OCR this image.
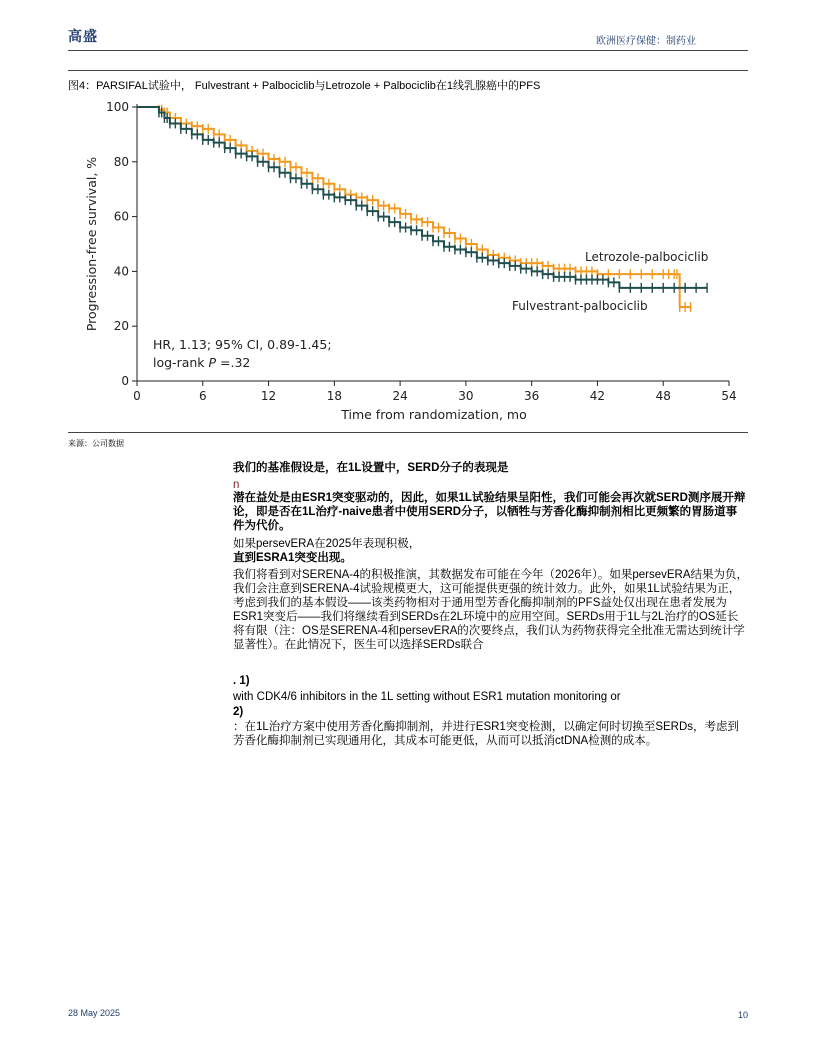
高盛	欧洲医疗保健：制药业
图4：PARSIFAL试验中， Fulvestrant + Palbociclib与Letrozole + Palbociclib在1线乳腺癌中的PFS
0	6	12	18	24	30	36	42	48	54
0
20
40
60
80
100
Letrozole-palbociclib
Fulvestrant-palbociclib
HR, 1.13; 95% CI, 0.89-1.45;
log-rank P =.32
Time from randomization, mo
Progression-free survival, %
来源：公司数据
我们的基准假设是，在1L设置中，SERD分子的表现是
n
潜在益处是由ESR1突变驱动的，因此，如果1L试验结果呈阳性，我们可能会再次就SERD测序展开辩论，即是否在1L治疗-naive患者中使用SERD分子，以牺牲与芳香化酶抑制剂相比更频繁的胃肠道事件为代价。
如果persevERA在2025年表现积极，
直到ESRA1突变出现。
我们将看到对SERENA-4的积极推演，其数据发布可能在今年（2026年）。如果persevERA结果为负，我们会注意到SERENA-4试验规模更大，这可能提供更强的统计效力。此外，如果1L试验结果为正，考虑到我们的基本假设——该类药物相对于通用型芳香化酶抑制剂的PFS益处仅出现在患者发展为ESR1突变后——我们将继续看到SERDs在2L环境中的应用空间。SERDs用于1L与2L治疗的OS延长将有限（注：OS是SERENA-4和persevERA的次要终点，我们认为药物获得完全批准无需达到统计学显著性）。在此情况下，医生可以选择SERDs联合
. 1)
with CDK4/6 inhibitors in the 1L setting without ESR1 mutation monitoring or
2)
：在1L治疗方案中使用芳香化酶抑制剂，并进行ESR1突变检测，以确定何时切换至SERDs，考虑到芳香化酶抑制剂已实现通用化，其成本可能更低，从而可以抵消ctDNA检测的成本。
28 May 2025	10
